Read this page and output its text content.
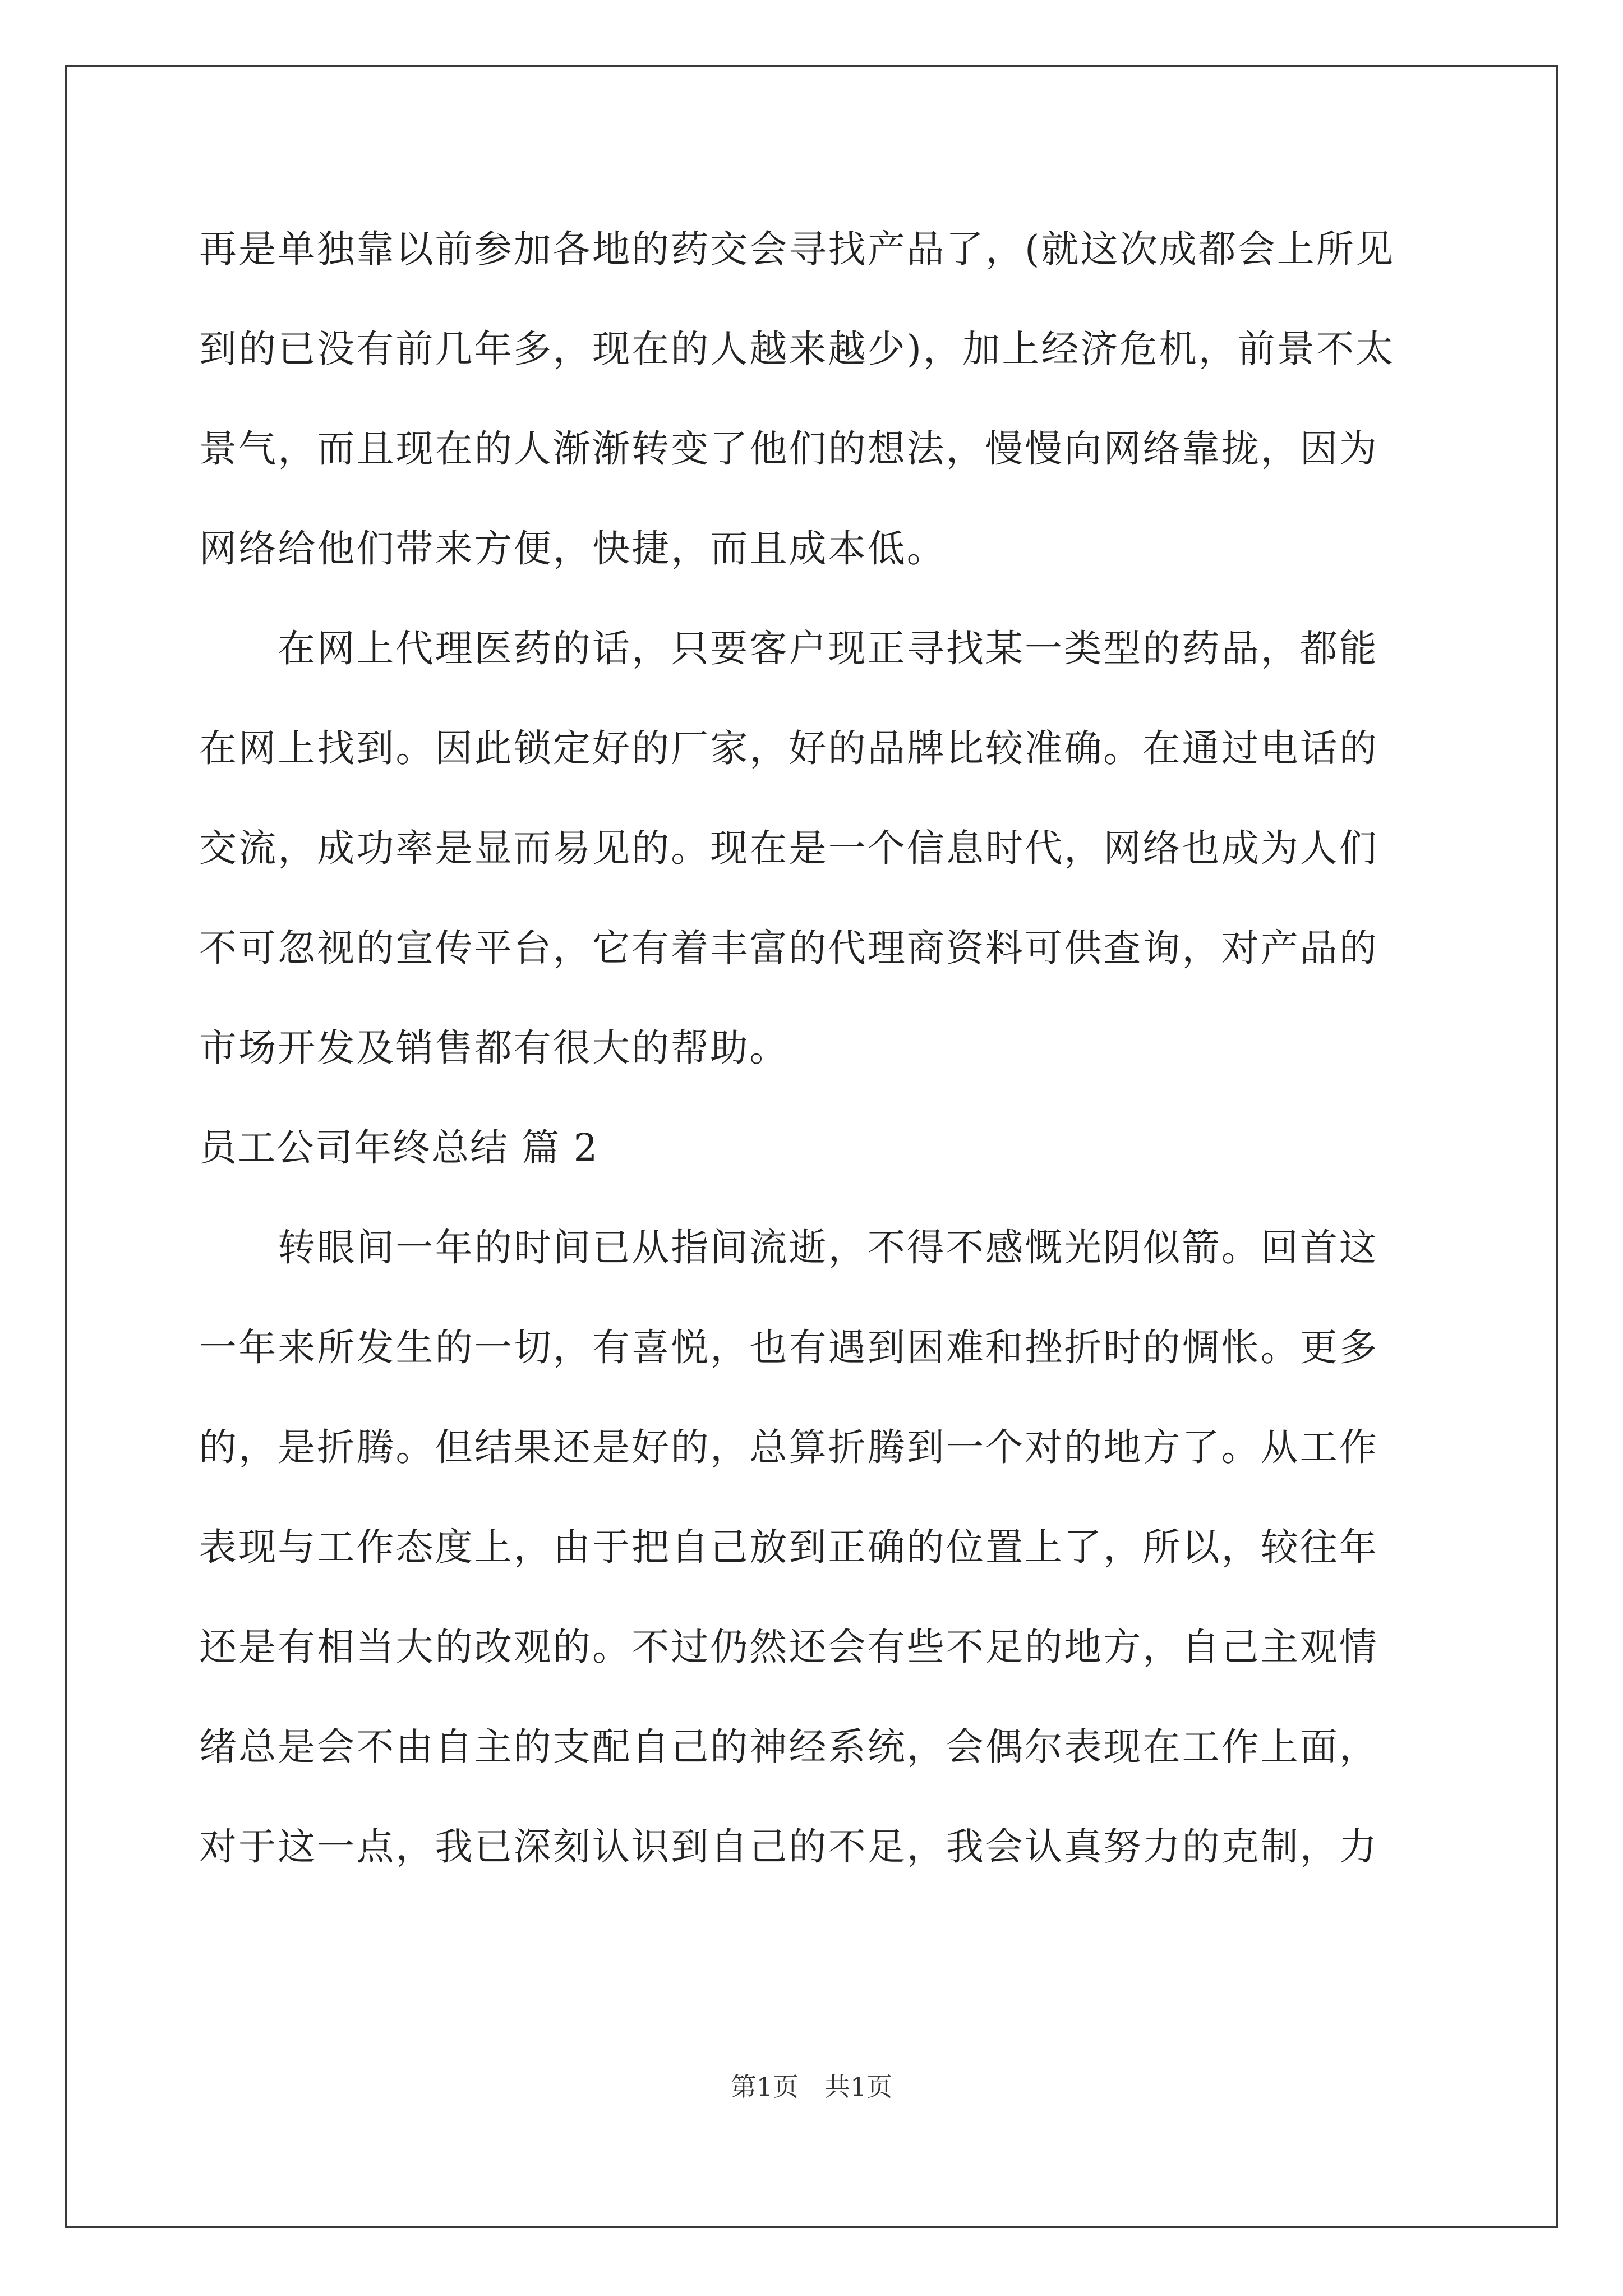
再是单独靠以前参加各地的药交会寻找产品了，(就这次成都会上所见
到的已没有前几年多，现在的人越来越少)，加上经济危机，前景不太
景气，而且现在的人渐渐转变了他们的想法，慢慢向网络靠拢，因为
网络给他们带来方便，快捷，而且成本低。
　　在网上代理医药的话，只要客户现正寻找某一类型的药品，都能
在网上找到。因此锁定好的厂家，好的品牌比较准确。在通过电话的
交流，成功率是显而易见的。现在是一个信息时代，网络也成为人们
不可忽视的宣传平台，它有着丰富的代理商资料可供查询，对产品的
市场开发及销售都有很大的帮助。
员工公司年终总结 篇 2
　　转眼间一年的时间已从指间流逝，不得不感慨光阴似箭。回首这
一年来所发生的一切，有喜悦，也有遇到困难和挫折时的惆怅。更多
的，是折腾。但结果还是好的，总算折腾到一个对的地方了。从工作
表现与工作态度上，由于把自己放到正确的位置上了，所以，较往年
还是有相当大的改观的。不过仍然还会有些不足的地方，自己主观情
绪总是会不由自主的支配自己的神经系统，会偶尔表现在工作上面，
对于这一点，我已深刻认识到自己的不足，我会认真努力的克制，力
第1页　共1页
